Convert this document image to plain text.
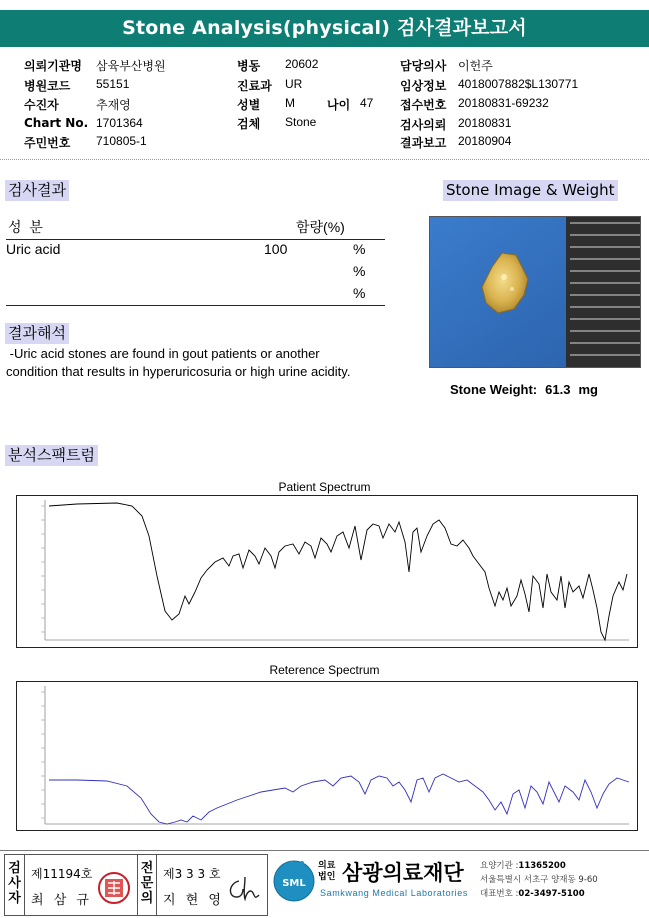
Stone Analysis(physical) 검사결과보고서
의뢰기관명 삼육부산병원
병원코드 55151
수진자	추재영
Chart No. 1701364
주민번호 710805-1
병동 20602
진료과 UR
성별 M	나이 47
검체 Stone
담당의사 이헌주
임상정보 4018007882$L130771
접수번호 20180831-69232
검사의뢰 20180831
결과보고 20180904
검사결과	Stone Image & Weight
성  분	함량(%)
Uric acid	100	%
%
%
결과해석
-Uric acid stones are found in gout patients or another
condition that results in hyperuricosuria or high urine acidity.
Stone Weight: 61.3 mg
분석스팩트럼
Patient Spectrum
Reterence Spectrum
검사자
제11194호
최 삼 규
전문의
제3 3 3 호
지 현 영
SML
의료법인 삼광의료재단
Samkwang Medical Laboratories
요양기관 :11365200
서울특별시 서초구 양재동 9-60
대표번호 :02-3497-5100
